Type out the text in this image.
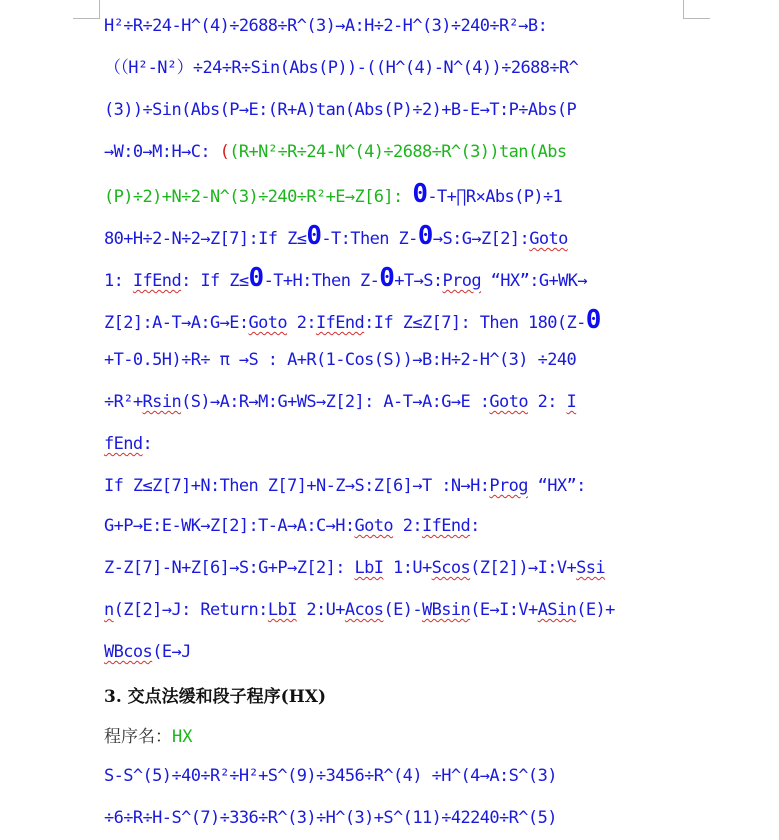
H²÷R÷24-H^(4)÷2688÷R^(3)→A:H÷2-H^(3)÷240÷R²→B:
（（H²-N²）÷24÷R÷Sin(Abs(P))-((H^(4)-N^(4))÷2688÷R^
(3))÷Sin(Abs(P→E:(R+A)tan(Abs(P)÷2)+B-E→T:P÷Abs(P
→W:0→M:H→C: ((R+N²÷R÷24-N^(4)÷2688÷R^(3))tan(Abs
(P)÷2)+N÷2-N^(3)÷240÷R²+E→Z[6]: 0-T+∏R×Abs(P)÷1
80+H÷2-N÷2→Z[7]:If Z≤0-T:Then Z-0→S:G→Z[2]:Goto
1: IfEnd: If Z≤0-T+H:Then Z-0+T→S:Prog “HX”:G+WK→
Z[2]:A-T→A:G→E:Goto 2:IfEnd:If Z≤Z[7]: Then 180(Z-0
+T-0.5H)÷R÷ π →S : A+R(1-Cos(S))→B:H÷2-H^(3) ÷240
÷R²+Rsin(S)→A:R→M:G+WS→Z[2]: A-T→A:G→E :Goto 2: I
fEnd:
If Z≤Z[7]+N:Then Z[7]+N-Z→S:Z[6]→T :N→H:Prog “HX”:
G+P→E:E-WK→Z[2]:T-A→A:C→H:Goto 2:IfEnd:
Z-Z[7]-N+Z[6]→S:G+P→Z[2]: LbI 1:U+Scos(Z[2])→I:V+Ssi
n(Z[2]→J: Return:LbI 2:U+Acos(E)-WBsin(E→I:V+ASin(E)+
WBcos(E→J
3. 交点法缓和段子程序(HX)
程序名：HX
S-S^(5)÷40÷R²÷H²+S^(9)÷3456÷R^(4) ÷H^(4→A:S^(3)
÷6÷R÷H-S^(7)÷336÷R^(3)÷H^(3)+S^(11)÷42240÷R^(5)
